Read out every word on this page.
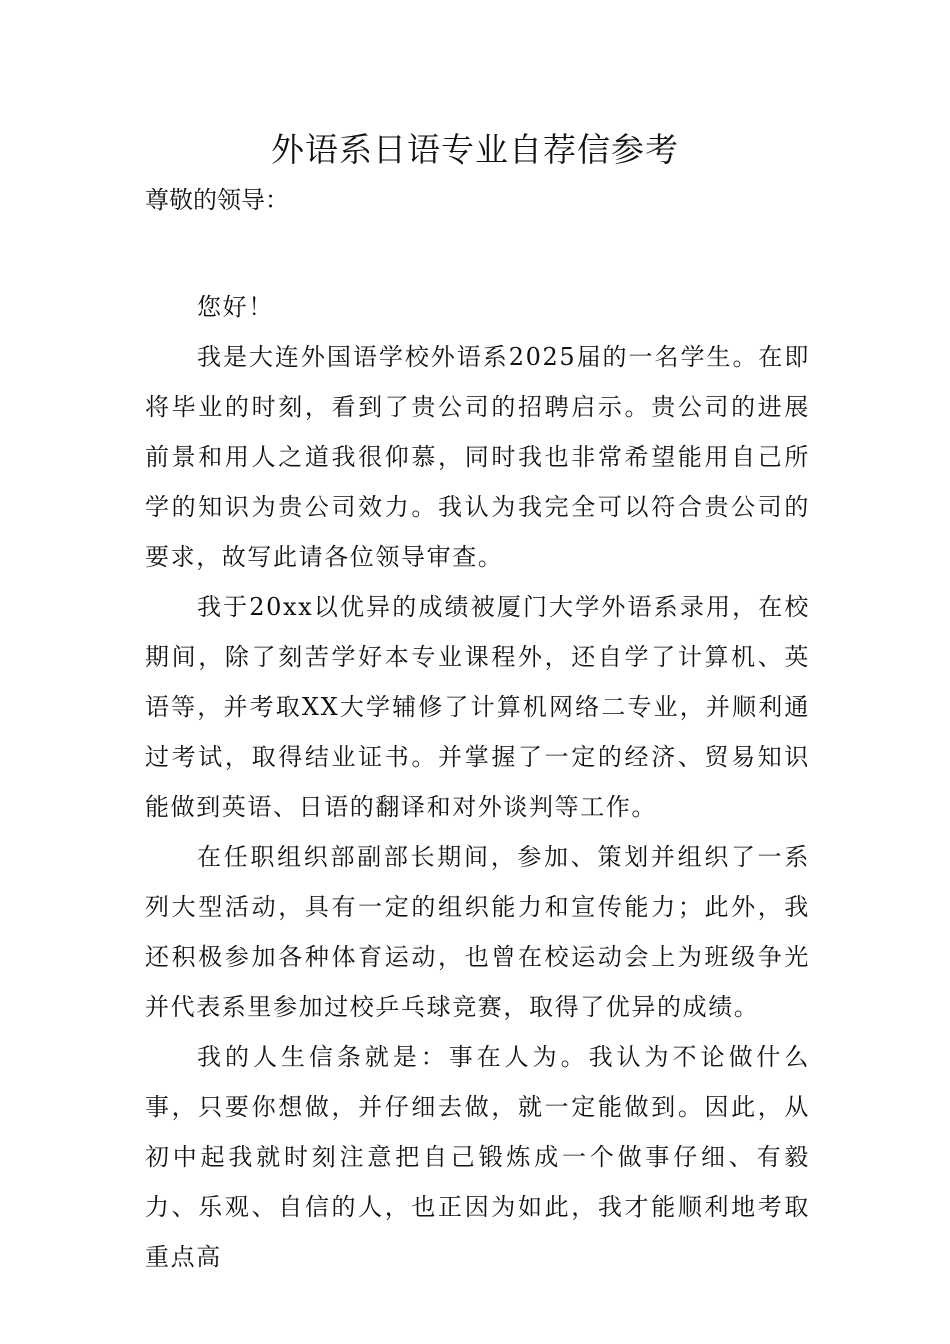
外语系日语专业自荐信参考

尊敬的领导：

您好！

我是大连外国语学校外语系2025届的一名学生。在即将毕业的时刻，看到了贵公司的招聘启示。贵公司的进展前景和用人之道我很仰慕，同时我也非常希望能用自己所学的知识为贵公司效力。我认为我完全可以符合贵公司的要求，故写此请各位领导审查。

我于20xx以优异的成绩被厦门大学外语系录用，在校期间，除了刻苦学好本专业课程外，还自学了计算机、英语等，并考取XX大学辅修了计算机网络二专业，并顺利通过考试，取得结业证书。并掌握了一定的经济、贸易知识能做到英语、日语的翻译和对外谈判等工作。

在任职组织部副部长期间，参加、策划并组织了一系列大型活动，具有一定的组织能力和宣传能力；此外，我还积极参加各种体育运动，也曾在校运动会上为班级争光并代表系里参加过校乒乓球竞赛，取得了优异的成绩。

我的人生信条就是：事在人为。我认为不论做什么事，只要你想做，并仔细去做，就一定能做到。因此，从初中起我就时刻注意把自己锻炼成一个做事仔细、有毅力、乐观、自信的人，也正因为如此，我才能顺利地考取重点高
